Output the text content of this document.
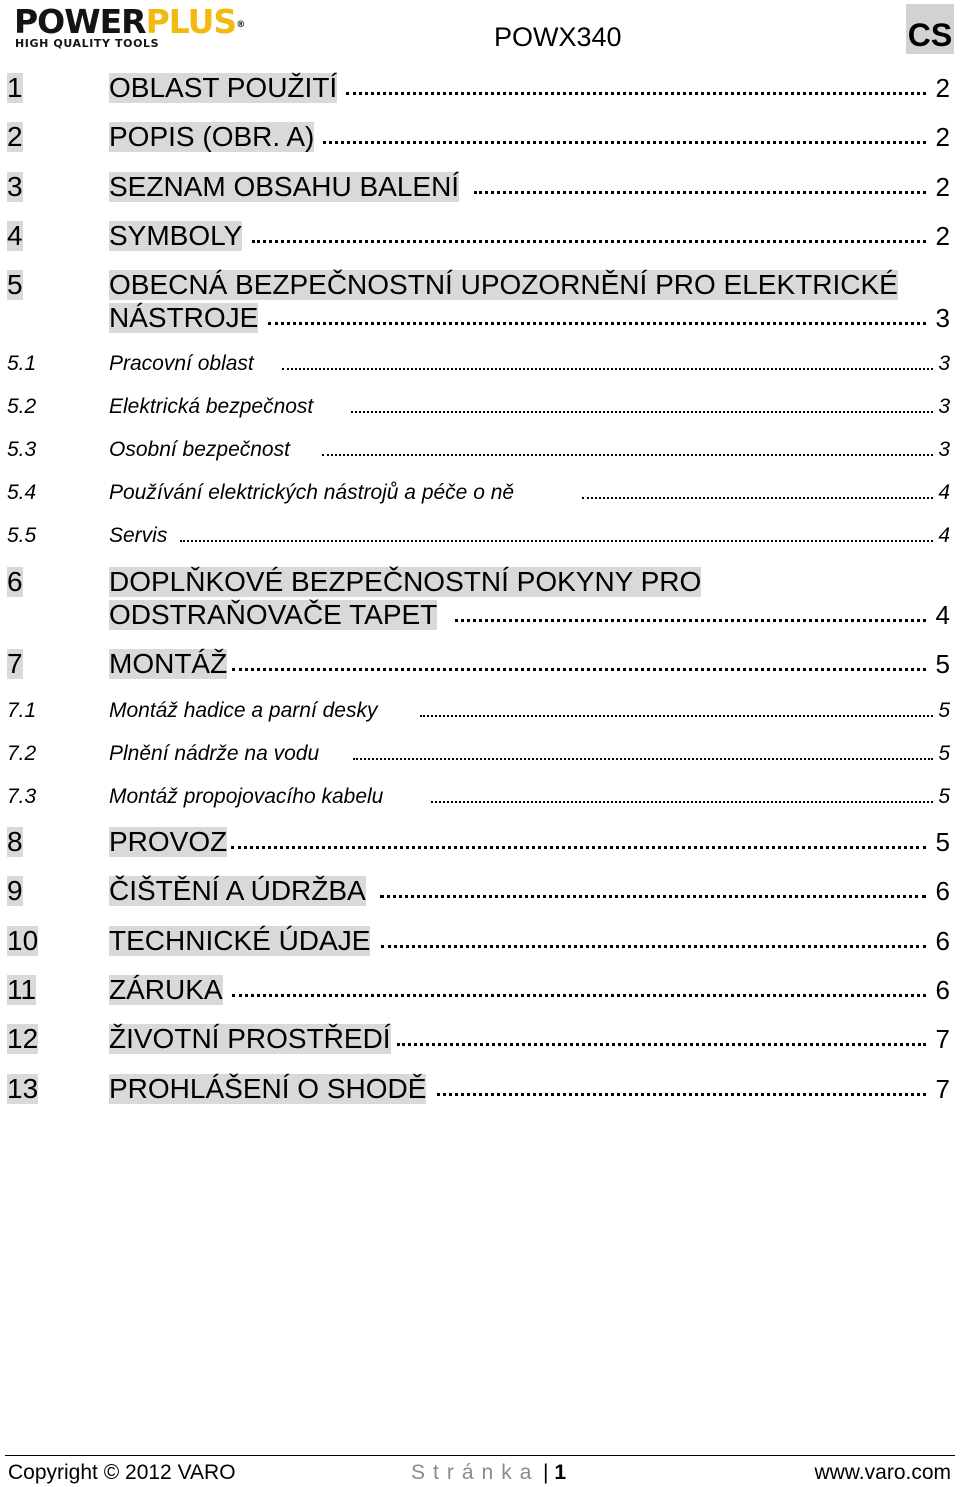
POWERPLUS®
HIGH QUALITY TOOLS	POWX340	CS
1	OBLAST POUŽITÍ	2
2	POPIS (OBR. A)	2
3	SEZNAM OBSAHU BALENÍ	2
4	SYMBOLY	2
5	OBECNÁ BEZPEČNOSTNÍ UPOZORNĚNÍ PRO ELEKTRICKÉ
NÁSTROJE	3
5.1	Pracovní oblast	3
5.2	Elektrická bezpečnost	3
5.3	Osobní bezpečnost	3
5.4	Používání elektrických nástrojů a péče o ně	4
5.5	Servis	4
6	DOPLŇKOVÉ BEZPEČNOSTNÍ POKYNY PRO
ODSTRAŇOVAČE TAPET	4
7	MONTÁŽ	5
7.1	Montáž hadice a parní desky	5
7.2	Plnění nádrže na vodu	5
7.3	Montáž propojovacího kabelu	5
8	PROVOZ	5
9	ČIŠTĚNÍ A ÚDRŽBA	6
10	TECHNICKÉ ÚDAJE	6
11	ZÁRUKA	6
12	ŽIVOTNÍ PROSTŘEDÍ	7
13	PROHLÁŠENÍ O SHODĚ	7
Copyright © 2012 VARO	Stránka | 1	www.varo.com
